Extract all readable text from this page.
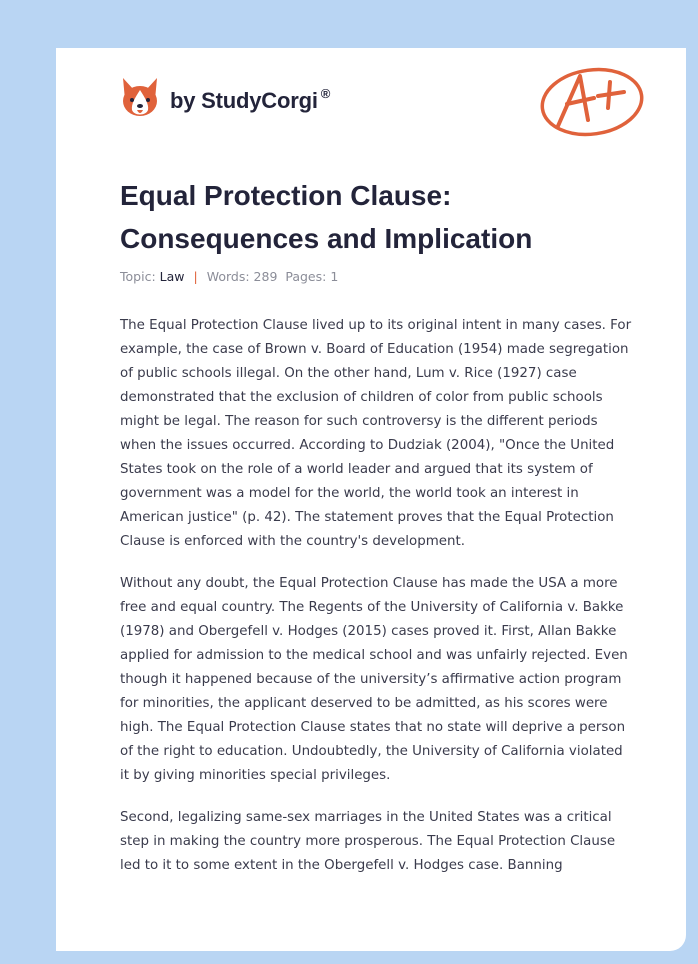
by StudyCorgi ®
Equal Protection Clause: Consequences and Implication
Topic: Law | Words: 289 Pages: 1

The Equal Protection Clause lived up to its original intent in many cases. For example, the case of Brown v. Board of Education (1954) made segregation of public schools illegal. On the other hand, Lum v. Rice (1927) case demonstrated that the exclusion of children of color from public schools might be legal. The reason for such controversy is the different periods when the issues occurred. According to Dudziak (2004), "Once the United States took on the role of a world leader and argued that its system of government was a model for the world, the world took an interest in American justice" (p. 42). The statement proves that the Equal Protection Clause is enforced with the country's development.

Without any doubt, the Equal Protection Clause has made the USA a more free and equal country. The Regents of the University of California v. Bakke (1978) and Obergefell v. Hodges (2015) cases proved it. First, Allan Bakke applied for admission to the medical school and was unfairly rejected. Even though it happened because of the university’s affirmative action program for minorities, the applicant deserved to be admitted, as his scores were high. The Equal Protection Clause states that no state will deprive a person of the right to education. Undoubtedly, the University of California violated it by giving minorities special privileges.

Second, legalizing same-sex marriages in the United States was a critical step in making the country more prosperous. The Equal Protection Clause led to it to some extent in the Obergefell v. Hodges case. Banning
